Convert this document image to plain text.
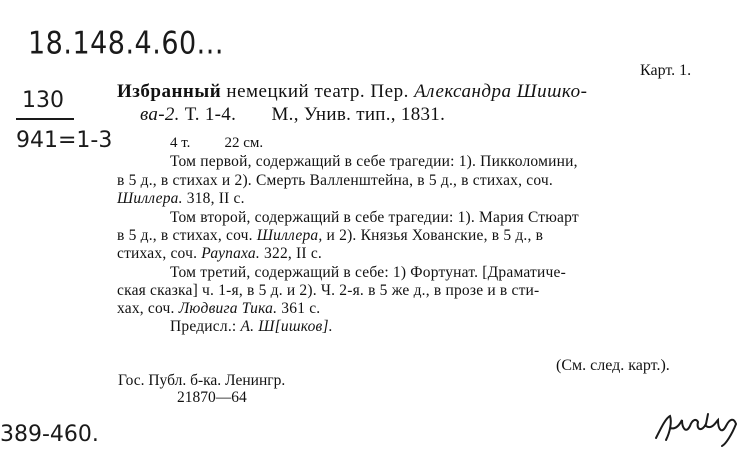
18.148.4.60...
130
941=1-3
389-460.
Карт. 1.
Избранный немецкий театр. Пер. Александра Шишко-
ва-2. Т. 1-4.       М., Унив. тип., 1831.
4 т. 22 см.
Том первой, содержащий в себе трагедии: 1). Пикколомини,
в 5 д., в стихах и 2). Смерть Валленштейна, в 5 д., в стихах, соч.
Шиллера. 318, II с.
Том второй, содержащий в себе трагедии: 1). Мария Стюарт
в 5 д., в стихах, соч. Шиллера, и 2). Князья Хованские, в 5 д., в
стихах, соч. Раупаха. 322, II с.
Том третий, содержащий в себе: 1) Фортунат. [Драматиче-
ская сказка] ч. 1-я, в 5 д. и 2). Ч. 2-я. в 5 же д., в прозе и в сти-
хах, соч. Людвига Тика. 361 с.
Предисл.: А. Ш[ишков].
(См. след. карт.).
Гос. Публ. б-ка. Ленингр.
21870—64
